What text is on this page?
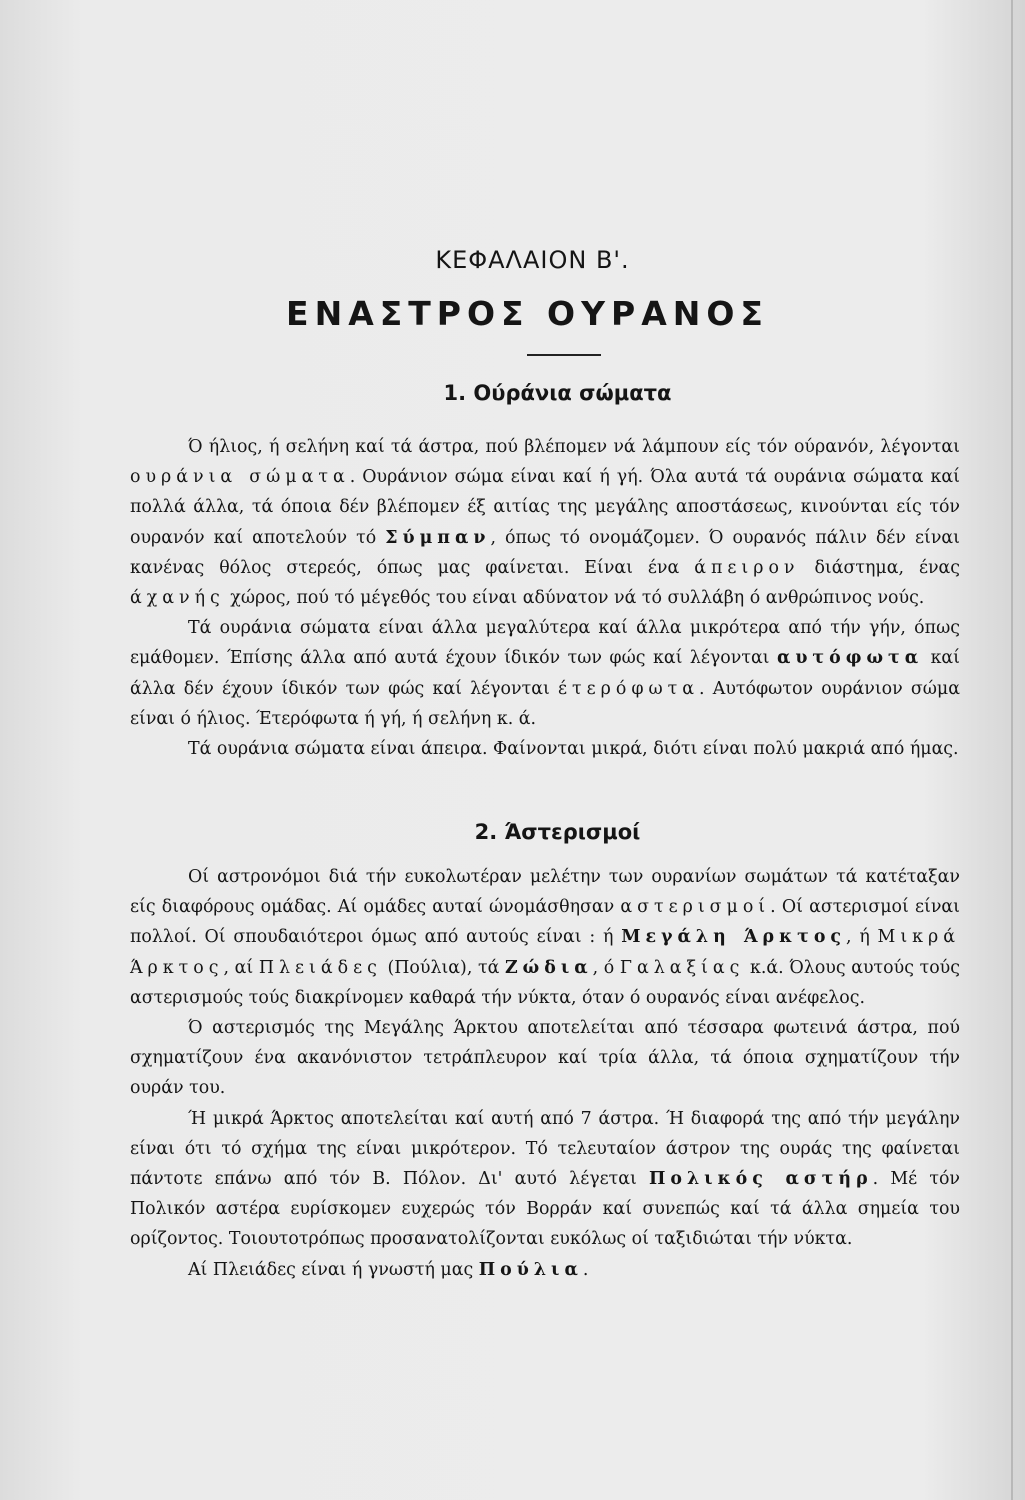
ΚΕΦΑΛΑΙΟΝ Β'.
ΕΝΑΣΤΡΟΣ ΟΥΡΑΝΟΣ
1. Ούράνια σώματα

Ό ήλιος, ή σελήνη καί τά άστρα, πού βλέπομεν νά λάμπουν είς τόν ούρανόν, λέγονται ουράνια σώματα. Ουράνιον σώμα είναι καί ή γή. Όλα αυτά τά ουράνια σώματα καί πολλά άλλα, τά όποια δέν βλέπομεν έξ αιτίας της μεγάλης αποστάσεως, κινούνται είς τόν ουρανόν καί αποτελούν τό Σύμπαν, όπως τό ονομάζομεν. Ό ουρανός πάλιν δέν είναι κανένας θόλος στερεός, όπως μας φαίνεται. Είναι ένα άπειρον διάστημα, ένας άχανής χώρος, πού τό μέγεθός του είναι αδύνατον νά τό συλλάβη ό ανθρώπινος νούς.

Τά ουράνια σώματα είναι άλλα μεγαλύτερα καί άλλα μικρότερα από τήν γήν, όπως εμάθομεν. Έπίσης άλλα από αυτά έχουν ίδικόν των φώς καί λέγονται αυτόφωτα καί άλλα δέν έχουν ίδικόν των φώς καί λέγονται έτερόφωτα. Αυτόφωτον ουράνιον σώμα είναι ό ήλιος. Έτερόφωτα ή γή, ή σελήνη κ. ά.

Τά ουράνια σώματα είναι άπειρα. Φαίνονται μικρά, διότι είναι πολύ μακριά από ήμας.

2. Άστερισμοί

Οί αστρονόμοι διά τήν ευκολωτέραν μελέτην των ουρανίων σωμάτων τά κατέταξαν είς διαφόρους ομάδας. Αί ομάδες αυταί ώνομάσθησαν αστερισμοί. Οί αστερισμοί είναι πολλοί. Οί σπουδαιότεροι όμως από αυτούς είναι : ή Μεγάλη Άρκτος, ή Μικρά Άρκτος, αί Πλειάδες (Πούλια), τά Ζώδια, ό Γαλαξίας κ.ά. Όλους αυτούς τούς αστερισμούς τούς διακρίνομεν καθαρά τήν νύκτα, όταν ό ουρανός είναι ανέφελος.

Ό αστερισμός της Μεγάλης Άρκτου αποτελείται από τέσσαρα φωτεινά άστρα, πού σχηματίζουν ένα ακανόνιστον τετράπλευρον καί τρία άλλα, τά όποια σχηματίζουν τήν ουράν του.

Ή μικρά Άρκτος αποτελείται καί αυτή από 7 άστρα. Ή διαφορά της από τήν μεγάλην είναι ότι τό σχήμα της είναι μικρότερον. Τό τελευταίον άστρον της ουράς της φαίνεται πάντοτε επάνω από τόν Β. Πόλον. Δι' αυτό λέγεται Πολικός αστήρ. Μέ τόν Πολικόν αστέρα ευρίσκομεν ευχερώς τόν Βορράν καί συνεπώς καί τά άλλα σημεία του ορίζοντος. Τοιουτοτρόπως προσανατολίζονται ευκόλως οί ταξιδιώται τήν νύκτα.

Αί Πλειάδες είναι ή γνωστή μας Πούλια.
